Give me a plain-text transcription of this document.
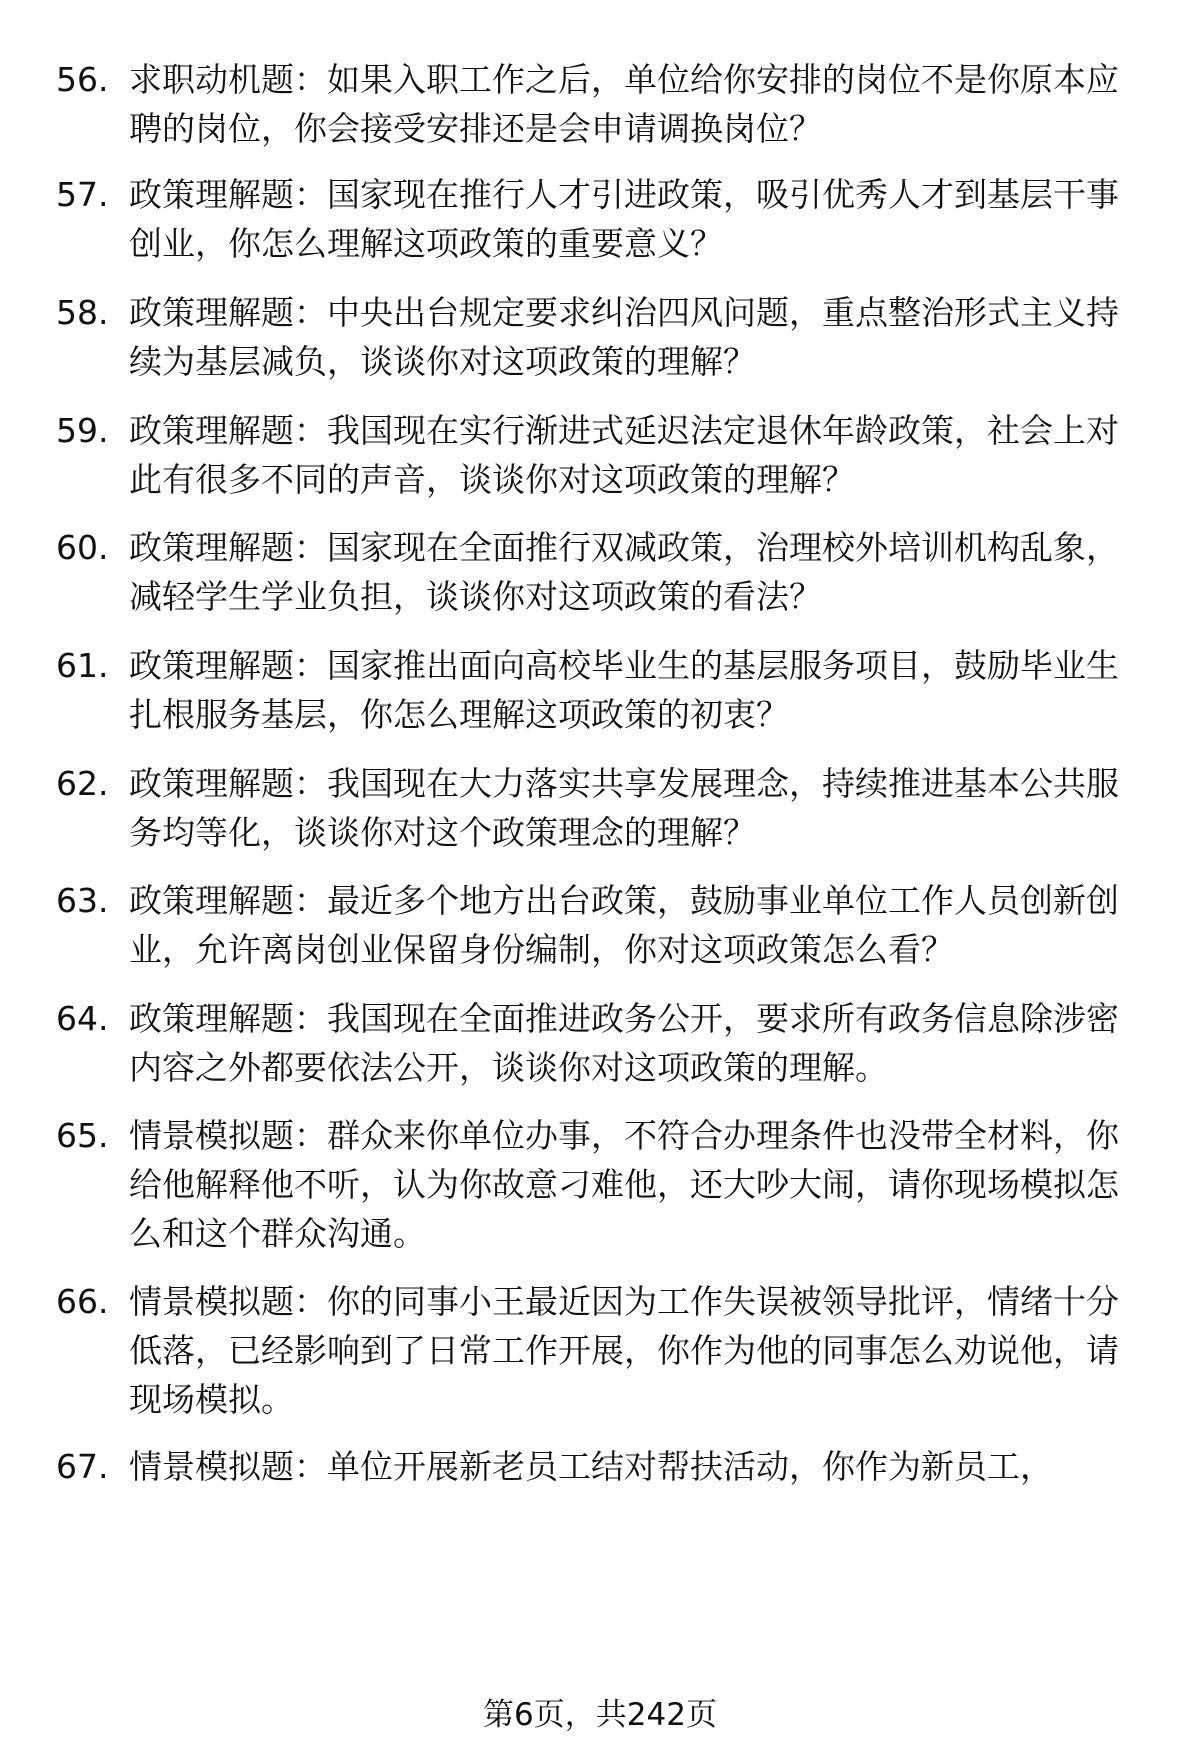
56. 求职动机题：如果入职工作之后，单位给你安排的岗位不是你原本应聘的岗位，你会接受安排还是会申请调换岗位？
57. 政策理解题：国家现在推行人才引进政策，吸引优秀人才到基层干事创业，你怎么理解这项政策的重要意义？
58. 政策理解题：中央出台规定要求纠治四风问题，重点整治形式主义持续为基层减负，谈谈你对这项政策的理解？
59. 政策理解题：我国现在实行渐进式延迟法定退休年龄政策，社会上对此有很多不同的声音，谈谈你对这项政策的理解？
60. 政策理解题：国家现在全面推行双减政策，治理校外培训机构乱象，减轻学生学业负担，谈谈你对这项政策的看法？
61. 政策理解题：国家推出面向高校毕业生的基层服务项目，鼓励毕业生扎根服务基层，你怎么理解这项政策的初衷？
62. 政策理解题：我国现在大力落实共享发展理念，持续推进基本公共服务均等化，谈谈你对这个政策理念的理解？
63. 政策理解题：最近多个地方出台政策，鼓励事业单位工作人员创新创业，允许离岗创业保留身份编制，你对这项政策怎么看？
64. 政策理解题：我国现在全面推进政务公开，要求所有政务信息除涉密内容之外都要依法公开，谈谈你对这项政策的理解。
65. 情景模拟题：群众来你单位办事，不符合办理条件也没带全材料，你给他解释他不听，认为你故意刁难他，还大吵大闹，请你现场模拟怎么和这个群众沟通。
66. 情景模拟题：你的同事小王最近因为工作失误被领导批评，情绪十分低落，已经影响到了日常工作开展，你作为他的同事怎么劝说他，请现场模拟。
67. 情景模拟题：单位开展新老员工结对帮扶活动，你作为新员工，
第6页，共242页
